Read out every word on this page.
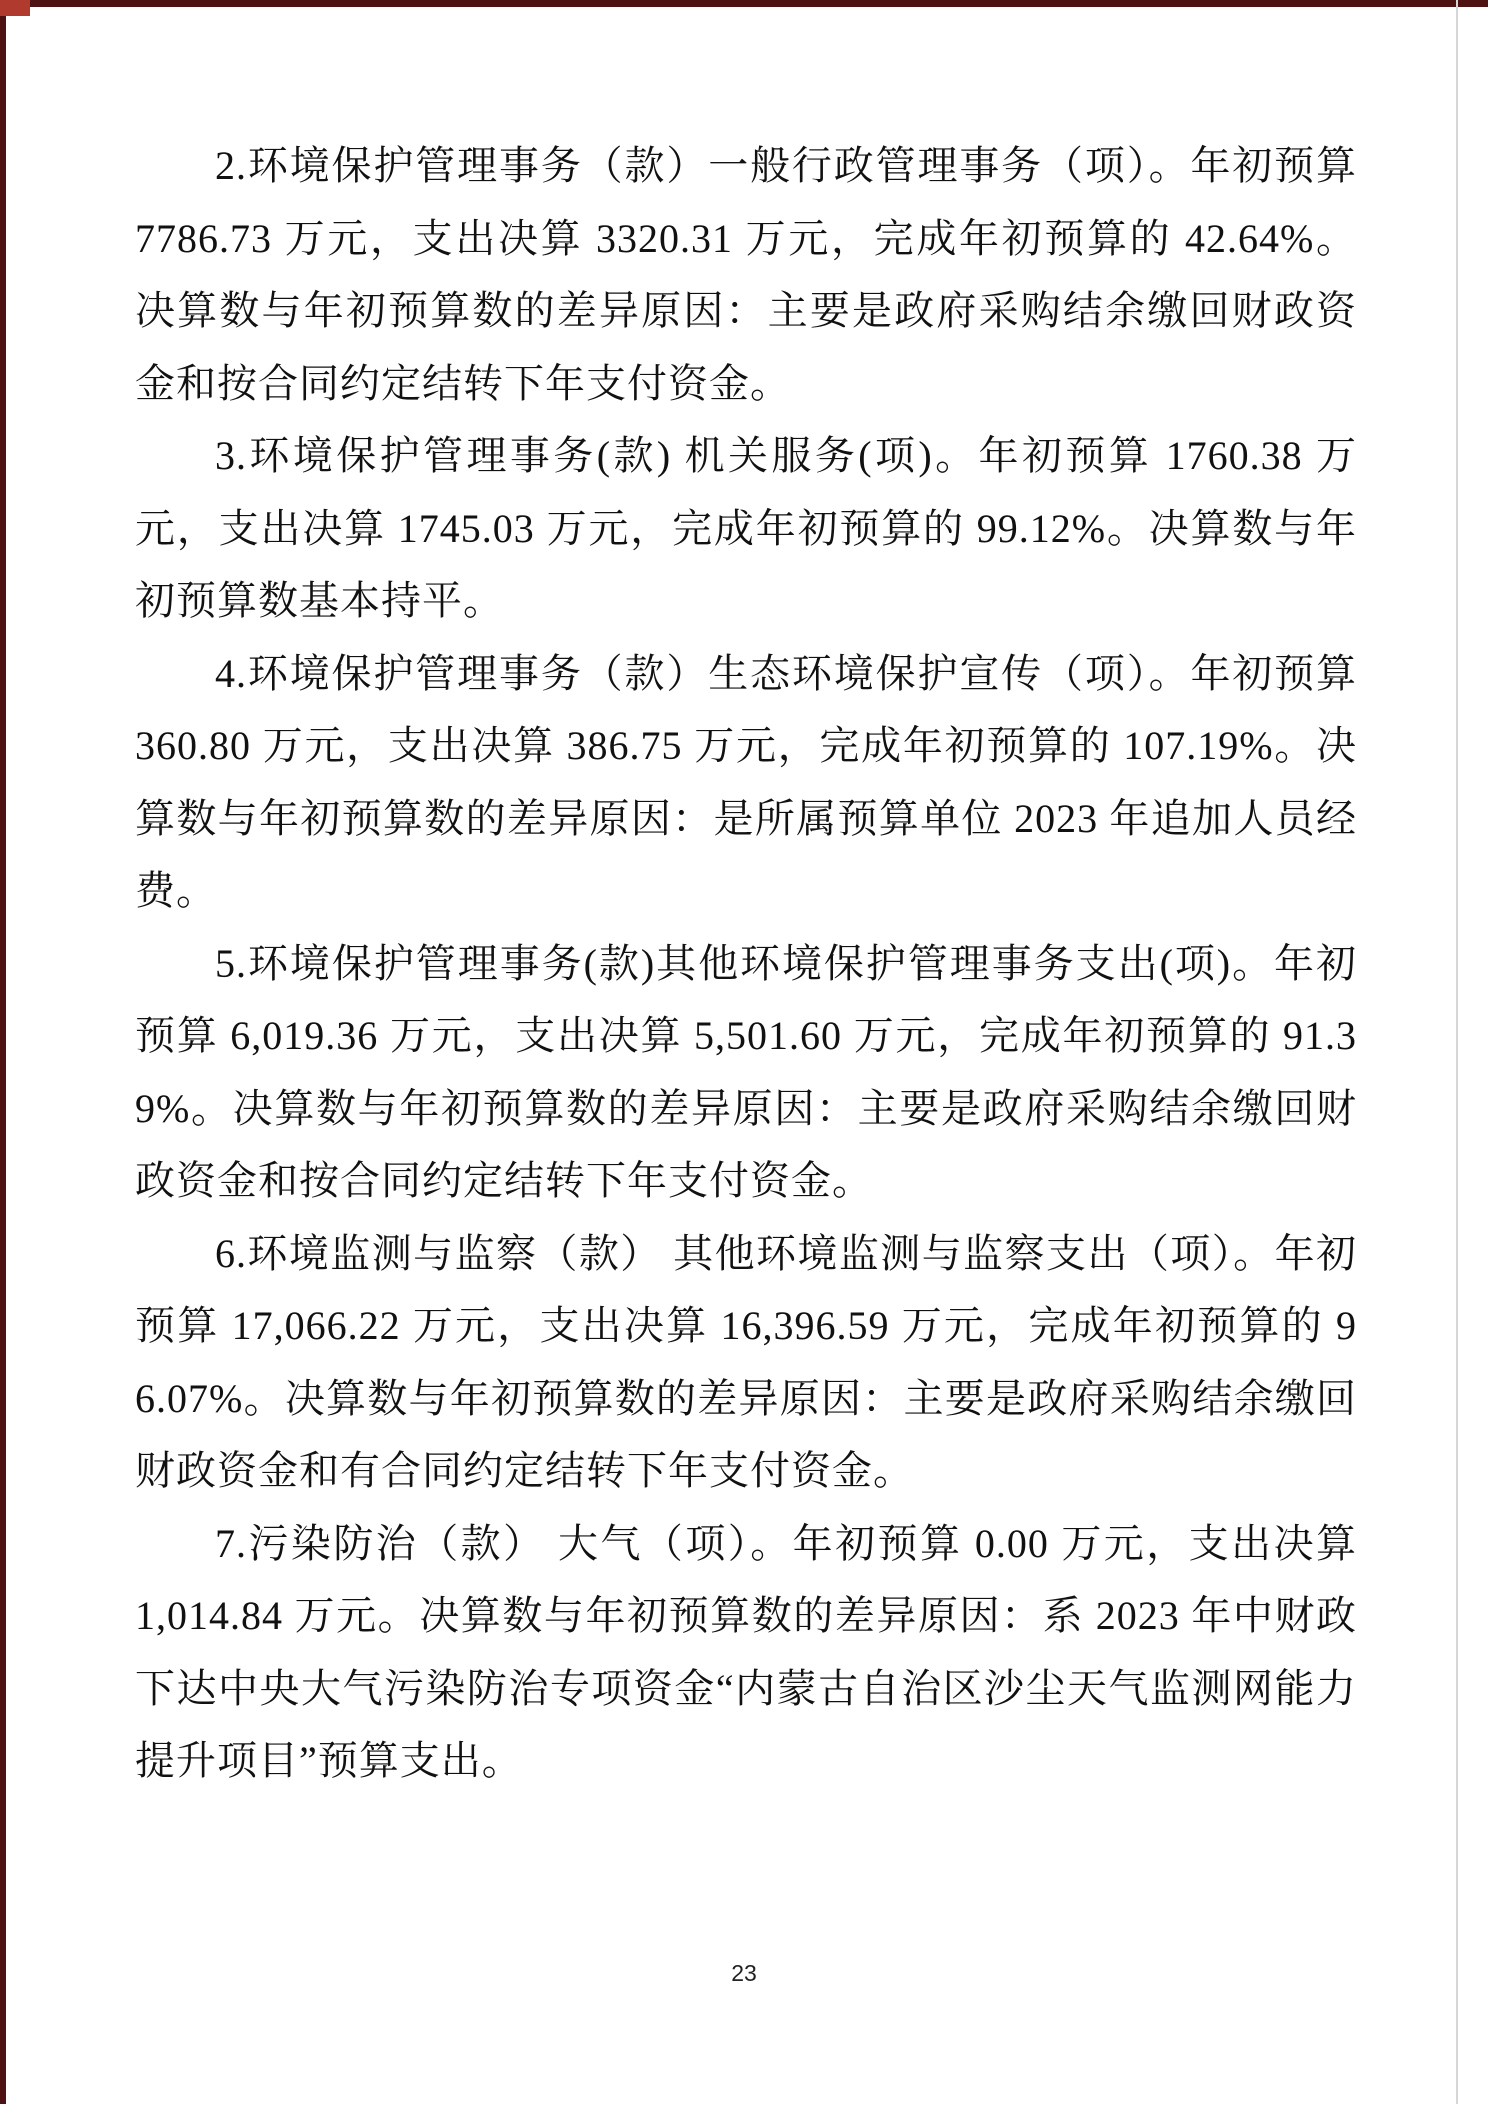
2.环境保护管理事务（款）一般行政管理事务（项）。年初预算 7786.73 万元，支出决算 3320.31 万元，完成年初预算的 42.64%。决算数与年初预算数的差异原因：主要是政府采购结余缴回财政资金和按合同约定结转下年支付资金。

3.环境保护管理事务(款) 机关服务(项)。年初预算 1760.38 万元，支出决算 1745.03 万元，完成年初预算的 99.12%。决算数与年初预算数基本持平。

4.环境保护管理事务（款）生态环境保护宣传（项）。年初预算 360.80 万元，支出决算 386.75 万元，完成年初预算的 107.19%。决算数与年初预算数的差异原因：是所属预算单位 2023 年追加人员经费。

5.环境保护管理事务(款)其他环境保护管理事务支出(项)。年初预算 6,019.36 万元，支出决算 5,501.60 万元，完成年初预算的 91.39%。决算数与年初预算数的差异原因：主要是政府采购结余缴回财政资金和按合同约定结转下年支付资金。

6.环境监测与监察（款） 其他环境监测与监察支出（项）。年初预算 17,066.22 万元，支出决算 16,396.59 万元，完成年初预算的 96.07%。决算数与年初预算数的差异原因：主要是政府采购结余缴回财政资金和有合同约定结转下年支付资金。

7.污染防治（款） 大气（项）。年初预算 0.00 万元，支出决算 1,014.84 万元。决算数与年初预算数的差异原因：系 2023 年中财政下达中央大气污染防治专项资金“内蒙古自治区沙尘天气监测网能力提升项目”预算支出。

23
